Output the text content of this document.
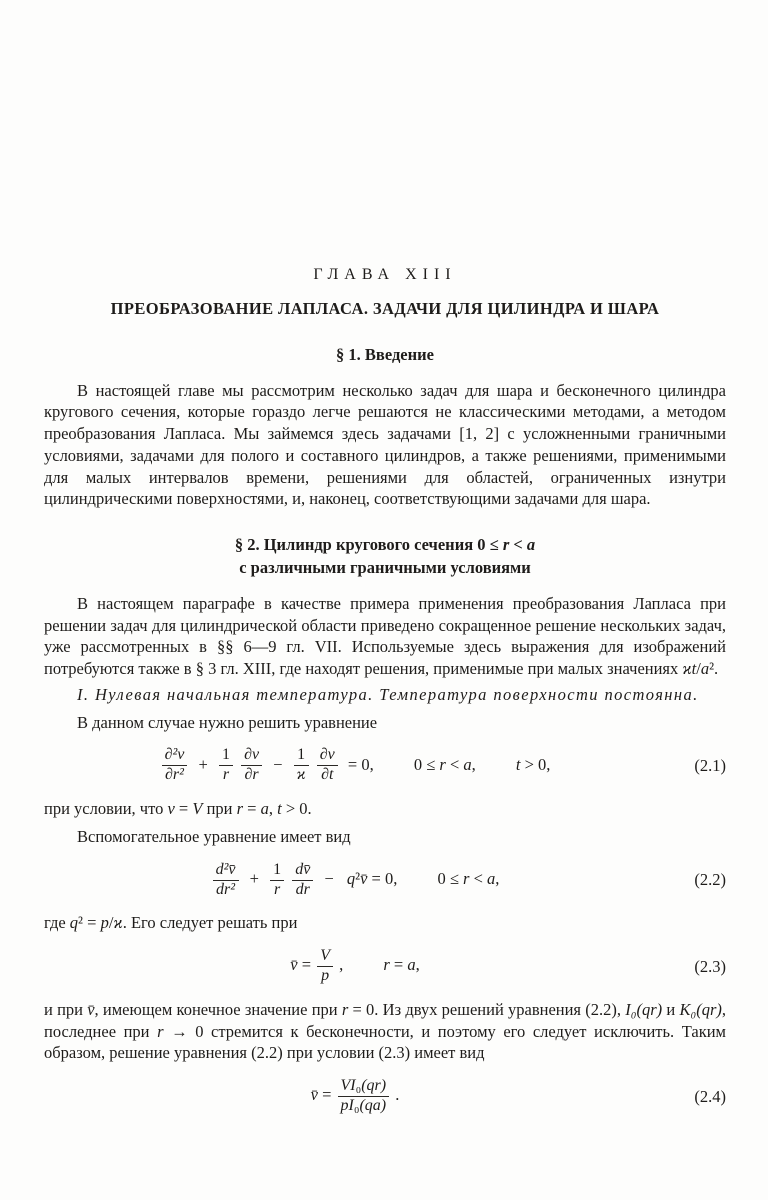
ГЛАВА XIII
ПРЕОБРАЗОВАНИЕ ЛАПЛАСА. ЗАДАЧИ ДЛЯ ЦИЛИНДРА И ШАРА
§ 1. Введение

В настоящей главе мы рассмотрим несколько задач для шара и бесконечного цилиндра кругового сечения, которые гораздо легче решаются не классическими методами, а методом преобразования Лапласа. Мы займемся здесь задачами [1, 2] с усложненными граничными условиями, задачами для полого и составного цилиндров, а также решениями, применимыми для малых интервалов времени, решениями для областей, ограниченных изнутри цилиндрическими поверхностями, и, наконец, соответствующими задачами для шара.

§ 2. Цилиндр кругового сечения 0 ≤ r < a
с различными граничными условиями

В настоящем параграфе в качестве примера применения преобразования Лапласа при решении задач для цилиндрической области приведено сокращенное решение нескольких задач, уже рассмотренных в §§ 6—9 гл. VII. Используемые здесь выражения для изображений потребуются также в § 3 гл. XIII, где находят решения, применимые при малых значениях ϰt/a².

I. Нулевая начальная температура. Температура поверхности постоянна.

В данном случае нужно решить уравнение

$\frac{\text{∂²v}}{\text{∂r²}} + \frac{1}{r}$
$\frac{\partial v}{\partial r} - \frac{1}{ϰ}$
$\frac{\partial v}{\partial t} = 0$, 0 ≤ r < a, t > 0,	(2.1)

при условии, что v = V при r = a, t > 0.

Вспомогательное уравнение имеет вид

$\frac{\text{d²v̄}}{\text{dr²}} + \frac{1}{r}$
$\frac{dv̄}{dr}$ − q²v̄ = 0, 0 ≤ r < a,	(2.2)

где q² = p/ϰ. Его следует решать при

v̄ = $\frac{V}{p}$ , r = a,	(2.3)

и при v̄, имеющем конечное значение при r = 0. Из двух решений уравнения (2.2), I₀(qr) и K₀(qr), последнее при r → 0 стремится к бесконечности, и поэтому его следует исключить. Таким образом, решение уравнения (2.2) при условии (2.3) имеет вид

v̄ = $\frac{\text{VI₀(qr)}}{\text{pI₀(qa)}}$ .	(2.4)
